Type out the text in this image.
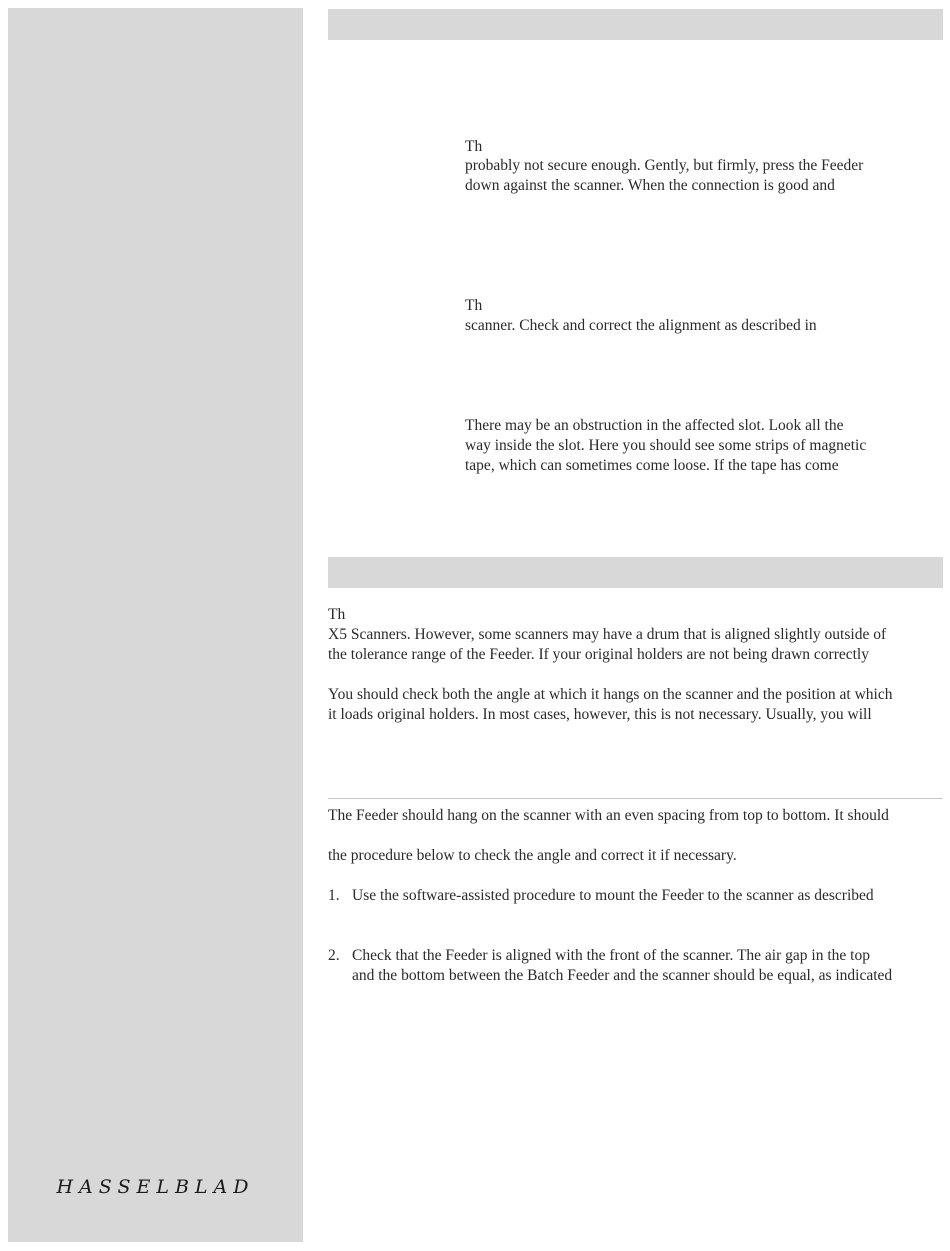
HASSELBLAD

Th

probably not secure enough. Gently, but firmly, press the Feeder

down against the scanner. When the connection is good and

Th

scanner. Check and correct the alignment as described in

There may be an obstruction in the affected slot. Look all the

way inside the slot. Here you should see some strips of magnetic

tape, which can sometimes come loose. If the tape has come

Th

X5 Scanners. However, some scanners may have a drum that is aligned slightly outside of

the tolerance range of the Feeder. If your original holders are not being drawn correctly

You should check both the angle at which it hangs on the scanner and the position at which

it loads original holders. In most cases, however, this is not necessary. Usually, you will

The Feeder should hang on the scanner with an even spacing from top to bottom. It should

the procedure below to check the angle and correct it if necessary.

1. Use the software-assisted procedure to mount the Feeder to the scanner as described

2. Check that the Feeder is aligned with the front of the scanner. The air gap in the top

and the bottom between the Batch Feeder and the scanner should be equal, as indicated
